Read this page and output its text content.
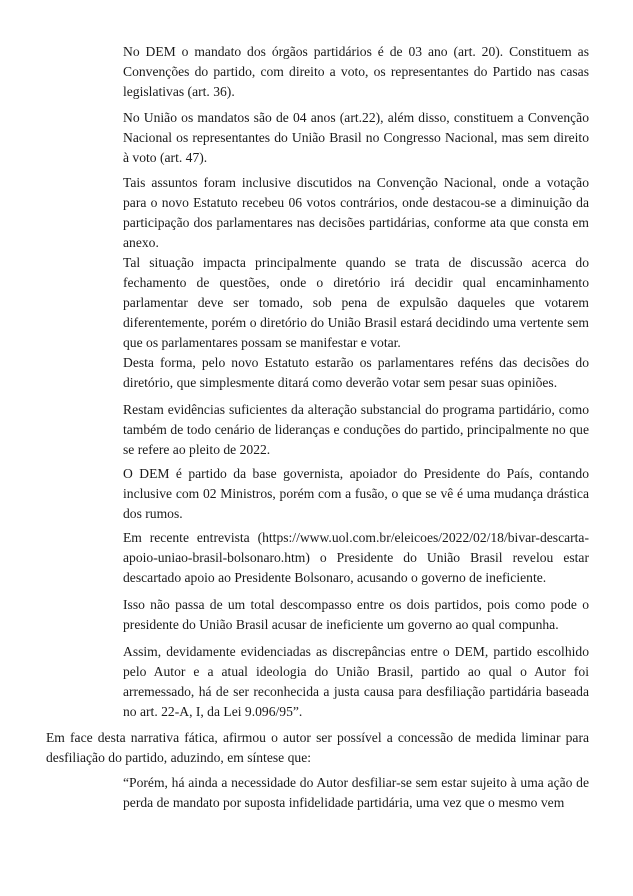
No DEM o mandato dos órgãos partidários é de 03 ano (art. 20). Constituem as Convenções do partido, com direito a voto, os representantes do Partido nas casas legislativas (art. 36).

No União os mandatos são de 04 anos (art.22), além disso, constituem a Convenção Nacional os representantes do União Brasil no Congresso Nacional, mas sem direito à voto (art. 47).

Tais assuntos foram inclusive discutidos na Convenção Nacional, onde a votação para o novo Estatuto recebeu 06 votos contrários, onde destacou-se a diminuição da participação dos parlamentares nas decisões partidárias, conforme ata que consta em anexo.

Tal situação impacta principalmente quando se trata de discussão acerca do fechamento de questões, onde o diretório irá decidir qual encaminhamento parlamentar deve ser tomado, sob pena de expulsão daqueles que votarem diferentemente, porém o diretório do União Brasil estará decidindo uma vertente sem que os parlamentares possam se manifestar e votar.

Desta forma, pelo novo Estatuto estarão os parlamentares reféns das decisões do diretório, que simplesmente ditará como deverão votar sem pesar suas opiniões.

Restam evidências suficientes da alteração substancial do programa partidário, como também de todo cenário de lideranças e conduções do partido, principalmente no que se refere ao pleito de 2022.

O DEM é partido da base governista, apoiador do Presidente do País, contando inclusive com 02 Ministros, porém com a fusão, o que se vê é uma mudança drástica dos rumos.

Em recente entrevista (https://www.uol.com.br/eleicoes/2022/02/18/bivar-descarta-apoio-uniao-brasil-bolsonaro.htm) o Presidente do União Brasil revelou estar descartado apoio ao Presidente Bolsonaro, acusando o governo de ineficiente.

Isso não passa de um total descompasso entre os dois partidos, pois como pode o presidente do União Brasil acusar de ineficiente um governo ao qual compunha.

Assim, devidamente evidenciadas as discrepâncias entre o DEM, partido escolhido pelo Autor e a atual ideologia do União Brasil, partido ao qual o Autor foi arremessado, há de ser reconhecida a justa causa para desfiliação partidária baseada no art. 22-A, I, da Lei 9.096/95”.

Em face desta narrativa fática, afirmou o autor ser possível a concessão de medida liminar para desfiliação do partido, aduzindo, em síntese que:

“Porém, há ainda a necessidade do Autor desfiliar-se sem estar sujeito à uma ação de perda de mandato por suposta infidelidade partidária, uma vez que o mesmo vem
